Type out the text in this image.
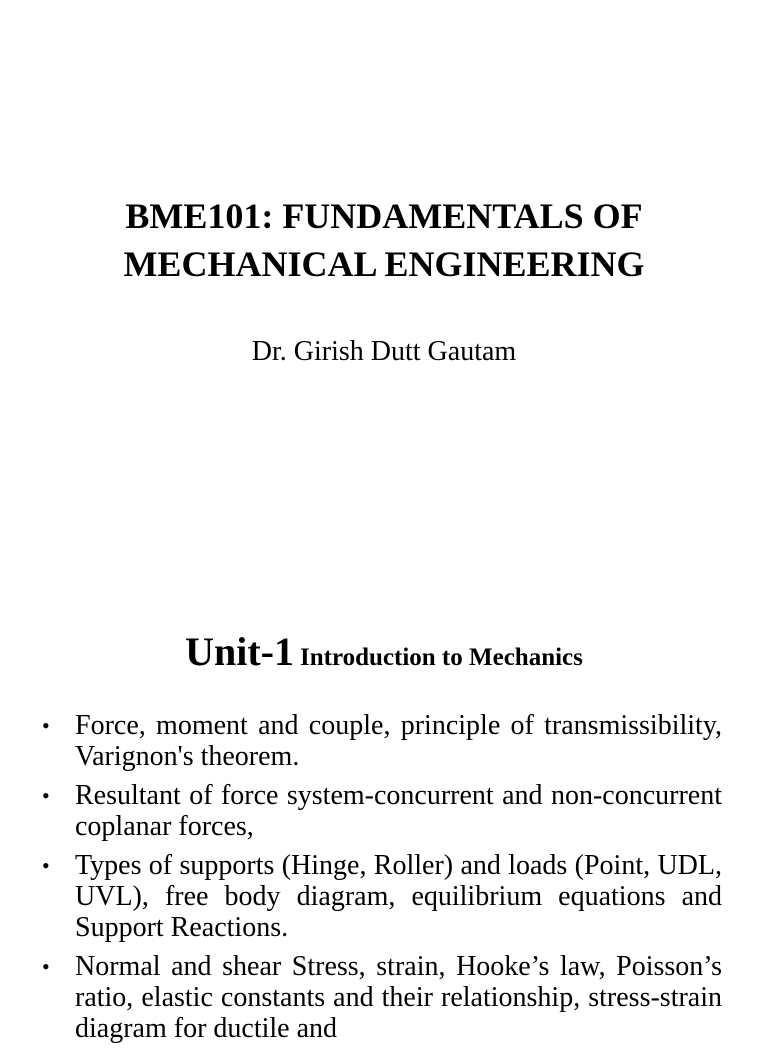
BME101: FUNDAMENTALS OF
MECHANICAL ENGINEERING

Dr. Girish Dutt Gautam

Unit-1 Introduction to Mechanics
• Force, moment and couple, principle of transmissibility, Varignon's theorem.
• Resultant of force system-concurrent and non-concurrent coplanar forces,
• Types of supports (Hinge, Roller) and loads (Point, UDL, UVL), free body diagram, equilibrium equations and Support Reactions.
• Normal and shear Stress, strain, Hooke’s law, Poisson’s ratio, elastic constants and their relationship, stress-strain diagram for ductile and
